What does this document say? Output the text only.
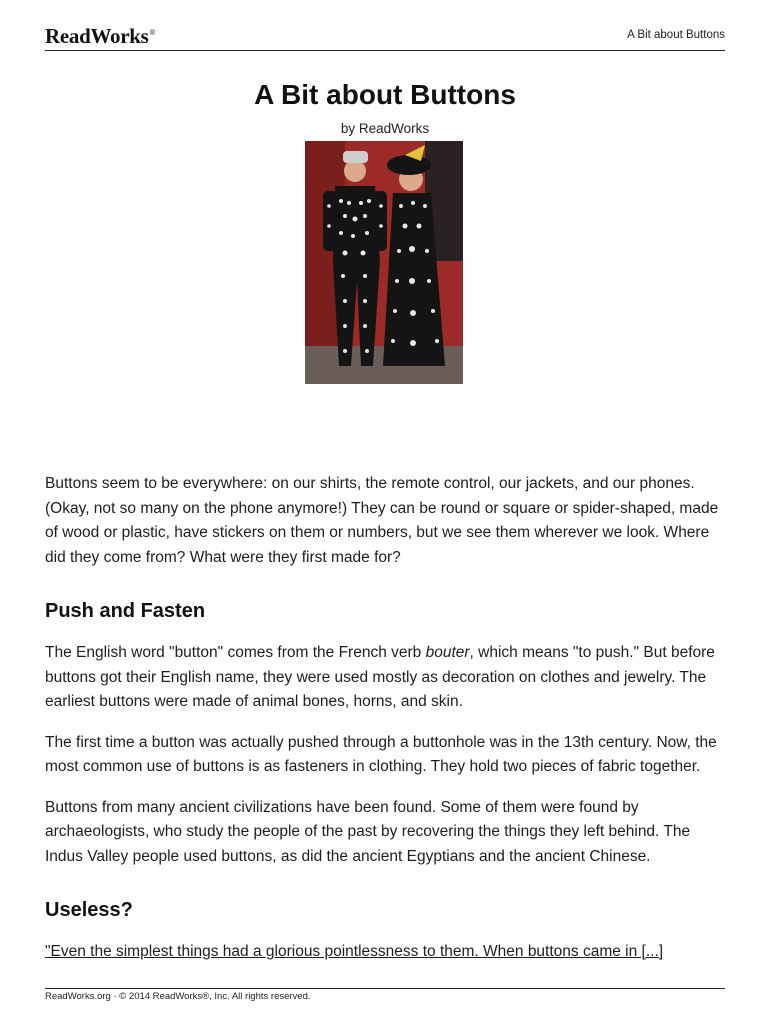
ReadWorks®	A Bit about Buttons
A Bit about Buttons
by ReadWorks

Buttons seem to be everywhere: on our shirts, the remote control, our jackets, and our phones. (Okay, not so many on the phone anymore!) They can be round or square or spider-shaped, made of wood or plastic, have stickers on them or numbers, but we see them wherever we look. Where did they come from? What were they first made for?

Push and Fasten

The English word "button" comes from the French verb bouter, which means "to push." But before buttons got their English name, they were used mostly as decoration on clothes and jewelry. The earliest buttons were made of animal bones, horns, and skin.

The first time a button was actually pushed through a buttonhole was in the 13th century. Now, the most common use of buttons is as fasteners in clothing. They hold two pieces of fabric together.

Buttons from many ancient civilizations have been found. Some of them were found by archaeologists, who study the people of the past by recovering the things they left behind. The Indus Valley people used buttons, as did the ancient Egyptians and the ancient Chinese.

Useless?

"Even the simplest things had a glorious pointlessness to them. When buttons came in [...]

ReadWorks.org · © 2014 ReadWorks®, Inc. All rights reserved.
